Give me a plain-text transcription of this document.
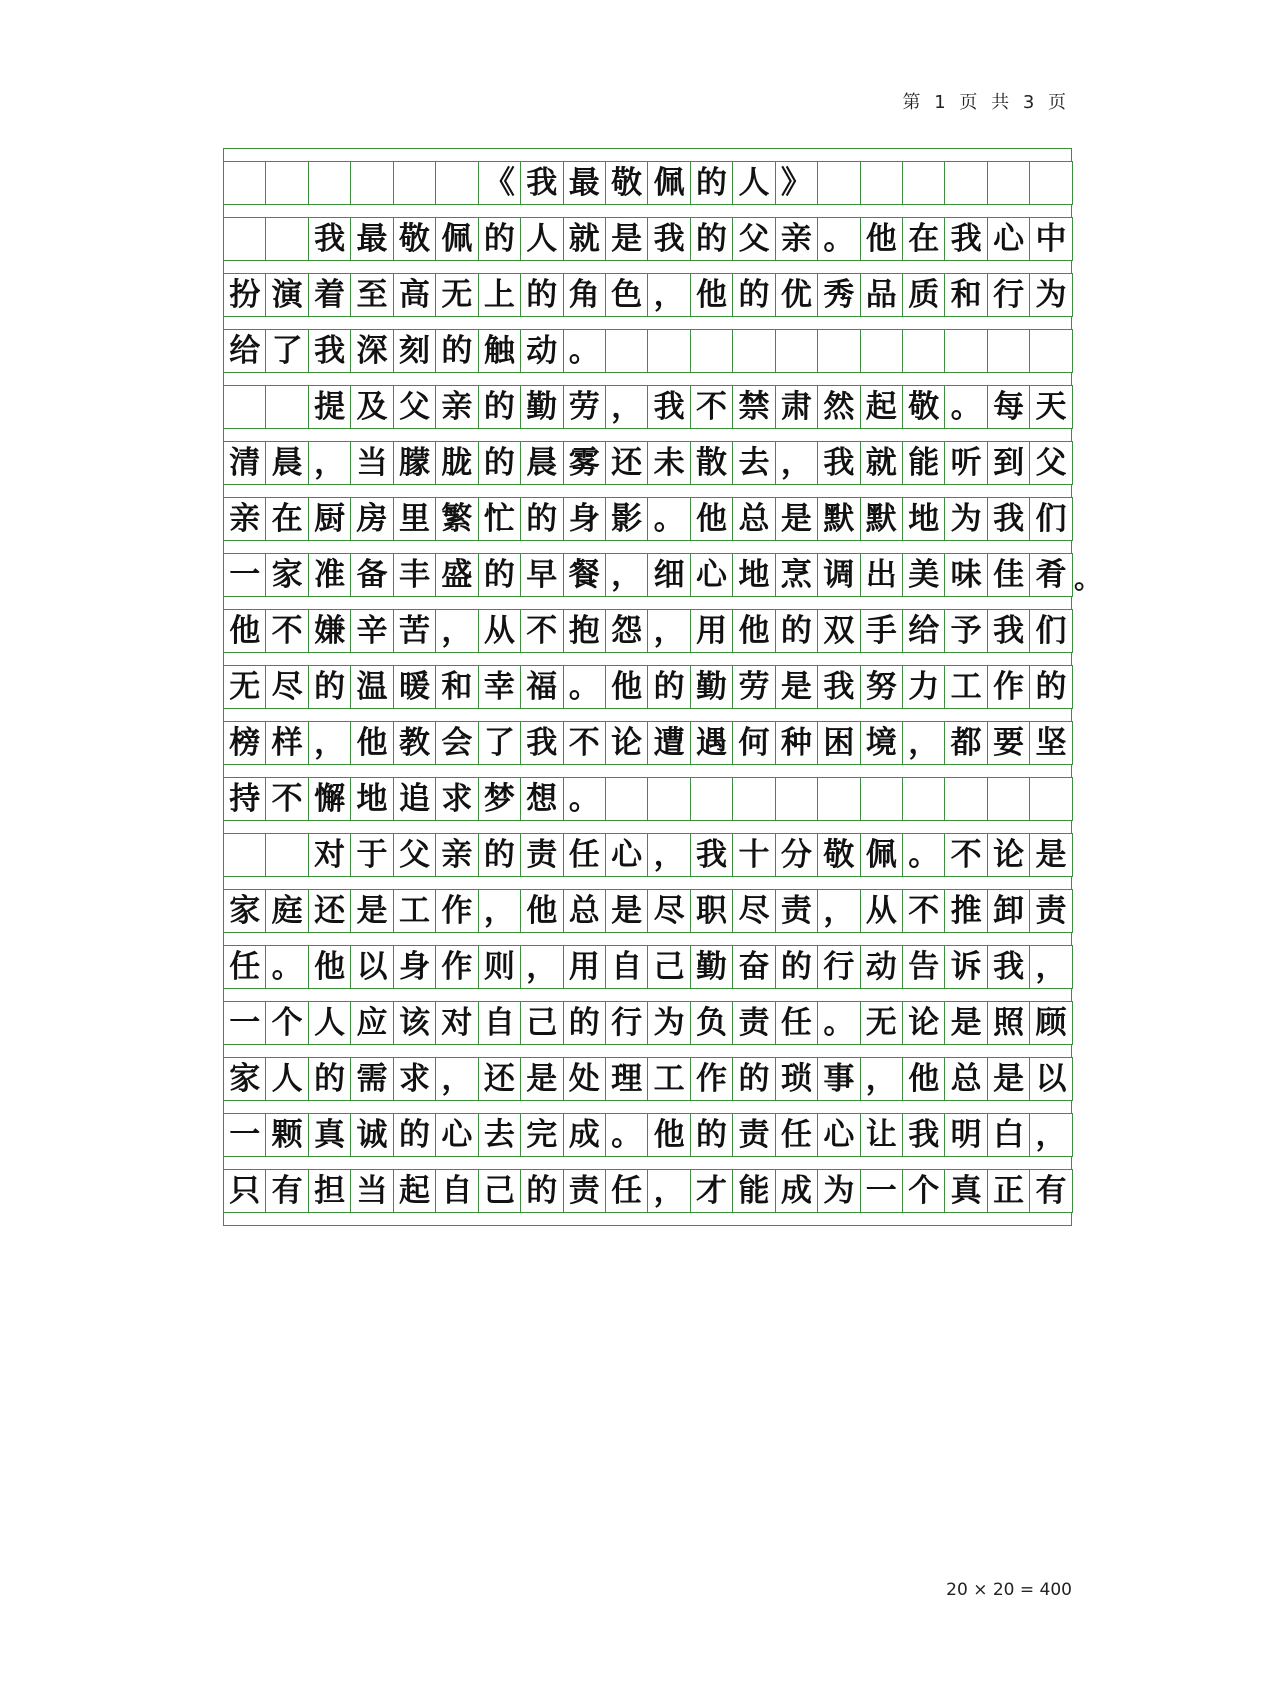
第 1 页 共 3 页
《 我 最 敬 佩 的 人 》
我 最 敬 佩 的 人 就 是 我 的 父 亲 。 他 在 我 心 中
扮 演 着 至 高 无 上 的 角 色 ， 他 的 优 秀 品 质 和 行 为
给 了 我 深 刻 的 触 动 。
提 及 父 亲 的 勤 劳 ， 我 不 禁 肃 然 起 敬 。 每 天
清 晨 ， 当 朦 胧 的 晨 雾 还 未 散 去 ， 我 就 能 听 到 父
亲 在 厨 房 里 繁 忙 的 身 影 。 他 总 是 默 默 地 为 我 们
一 家 准 备 丰 盛 的 早 餐 ， 细 心 地 烹 调 出 美 味 佳 肴
他 不 嫌 辛 苦 ， 从 不 抱 怨 ， 用 他 的 双 手 给 予 我 们
无 尽 的 温 暖 和 幸 福 。 他 的 勤 劳 是 我 努 力 工 作 的
榜 样 ， 他 教 会 了 我 不 论 遭 遇 何 种 困 境 ， 都 要 坚
持 不 懈 地 追 求 梦 想 。
对 于 父 亲 的 责 任 心 ， 我 十 分 敬 佩 。 不 论 是
家 庭 还 是 工 作 ， 他 总 是 尽 职 尽 责 ， 从 不 推 卸 责
任 。 他 以 身 作 则 ， 用 自 己 勤 奋 的 行 动 告 诉 我 ，
一 个 人 应 该 对 自 己 的 行 为 负 责 任 。 无 论 是 照 顾
家 人 的 需 求 ， 还 是 处 理 工 作 的 琐 事 ， 他 总 是 以
一 颗 真 诚 的 心 去 完 成 。 他 的 责 任 心 让 我 明 白 ，
只 有 担 当 起 自 己 的 责 任 ， 才 能 成 为 一 个 真 正 有
。
20 × 20 = 400
